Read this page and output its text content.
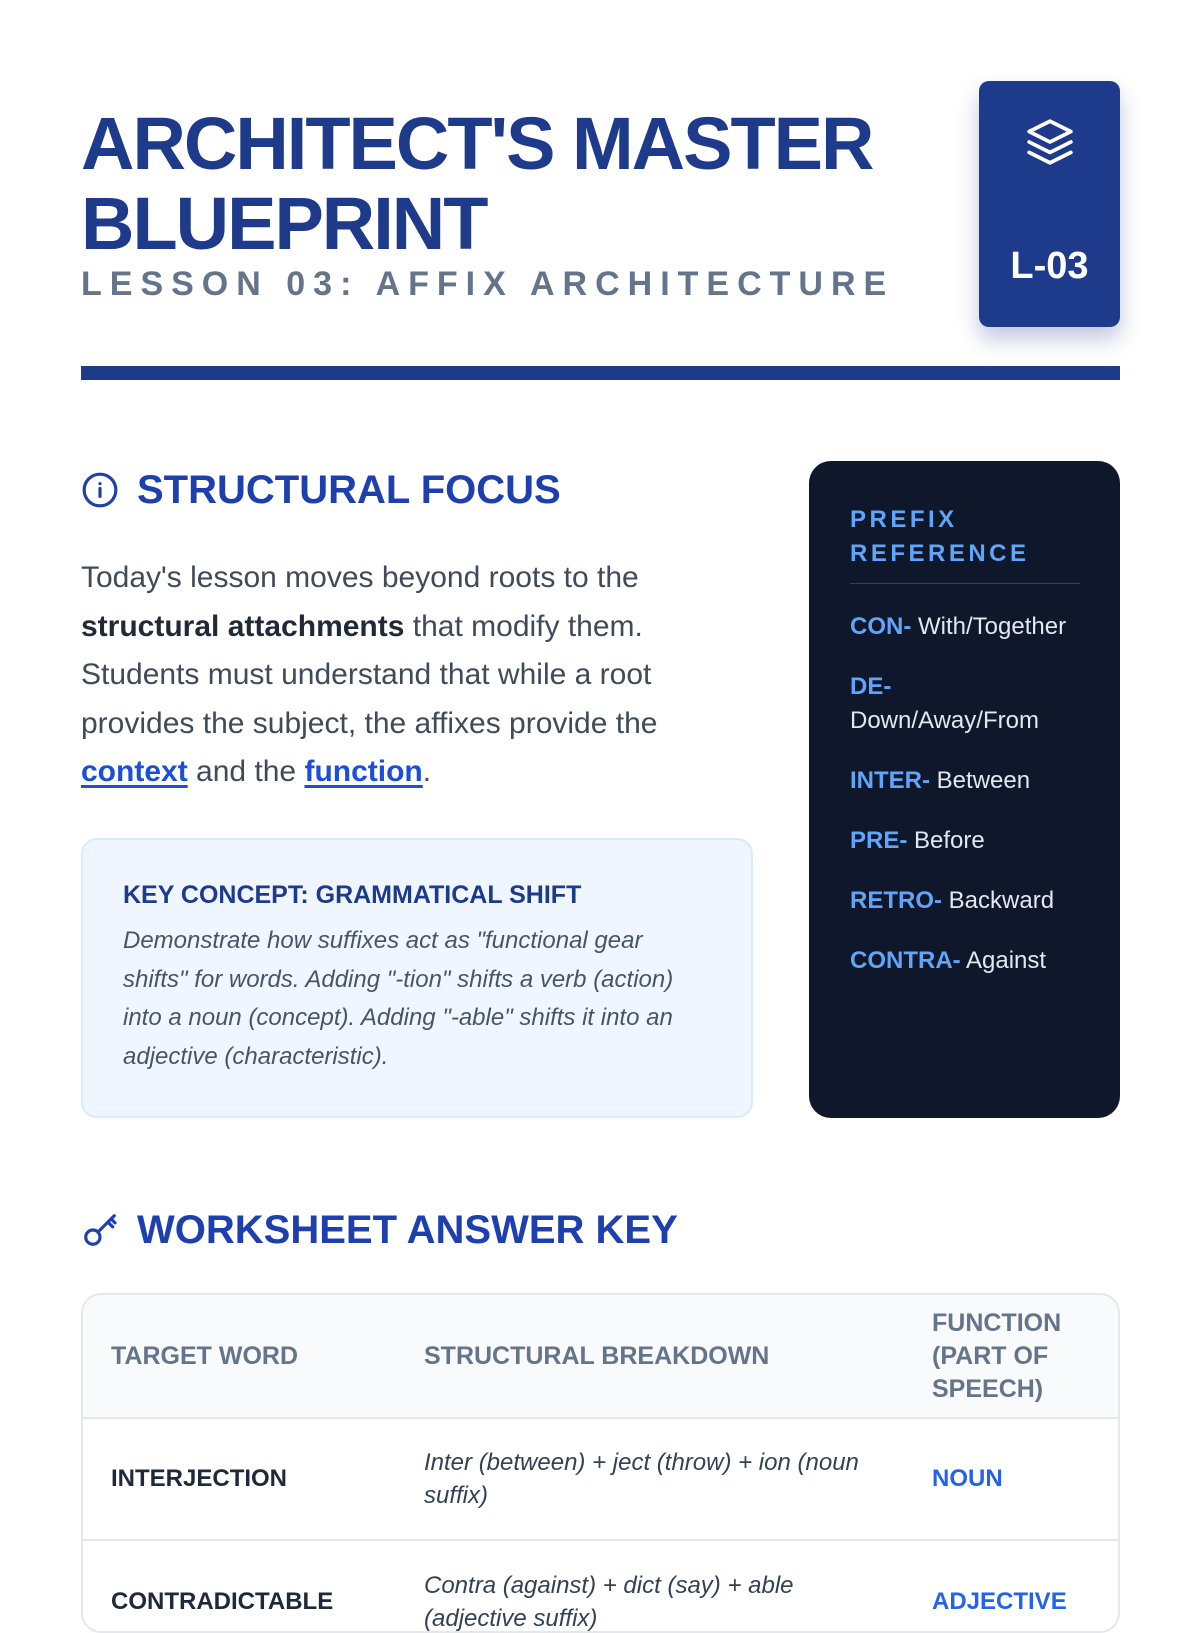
ARCHITECT'S MASTER BLUEPRINT
LESSON 03: AFFIX ARCHITECTURE	L-03
STRUCTURAL FOCUS

Today's lesson moves beyond roots to the structural attachments that modify them. Students must understand that while a root provides the subject, the affixes provide the context and the function.

KEY CONCEPT: GRAMMATICAL SHIFT

Demonstrate how suffixes act as "functional gear shifts" for words. Adding "-tion" shifts a verb (action) into a noun (concept). Adding "-able" shifts it into an adjective (characteristic).

PREFIX REFERENCE
CON- With/Together
DE-
Down/Away/From
INTER- Between
PRE- Before
RETRO- Backward
CONTRA- Against
WORKSHEET ANSWER KEY
TARGET WORD	STRUCTURAL BREAKDOWN	FUNCTION (PART OF SPEECH)
INTERJECTION	Inter (between) + ject (throw) + ion (noun suffix)	NOUN
CONTRADICTABLE	Contra (against) + dict (say) + able (adjective suffix)	ADJECTIVE
